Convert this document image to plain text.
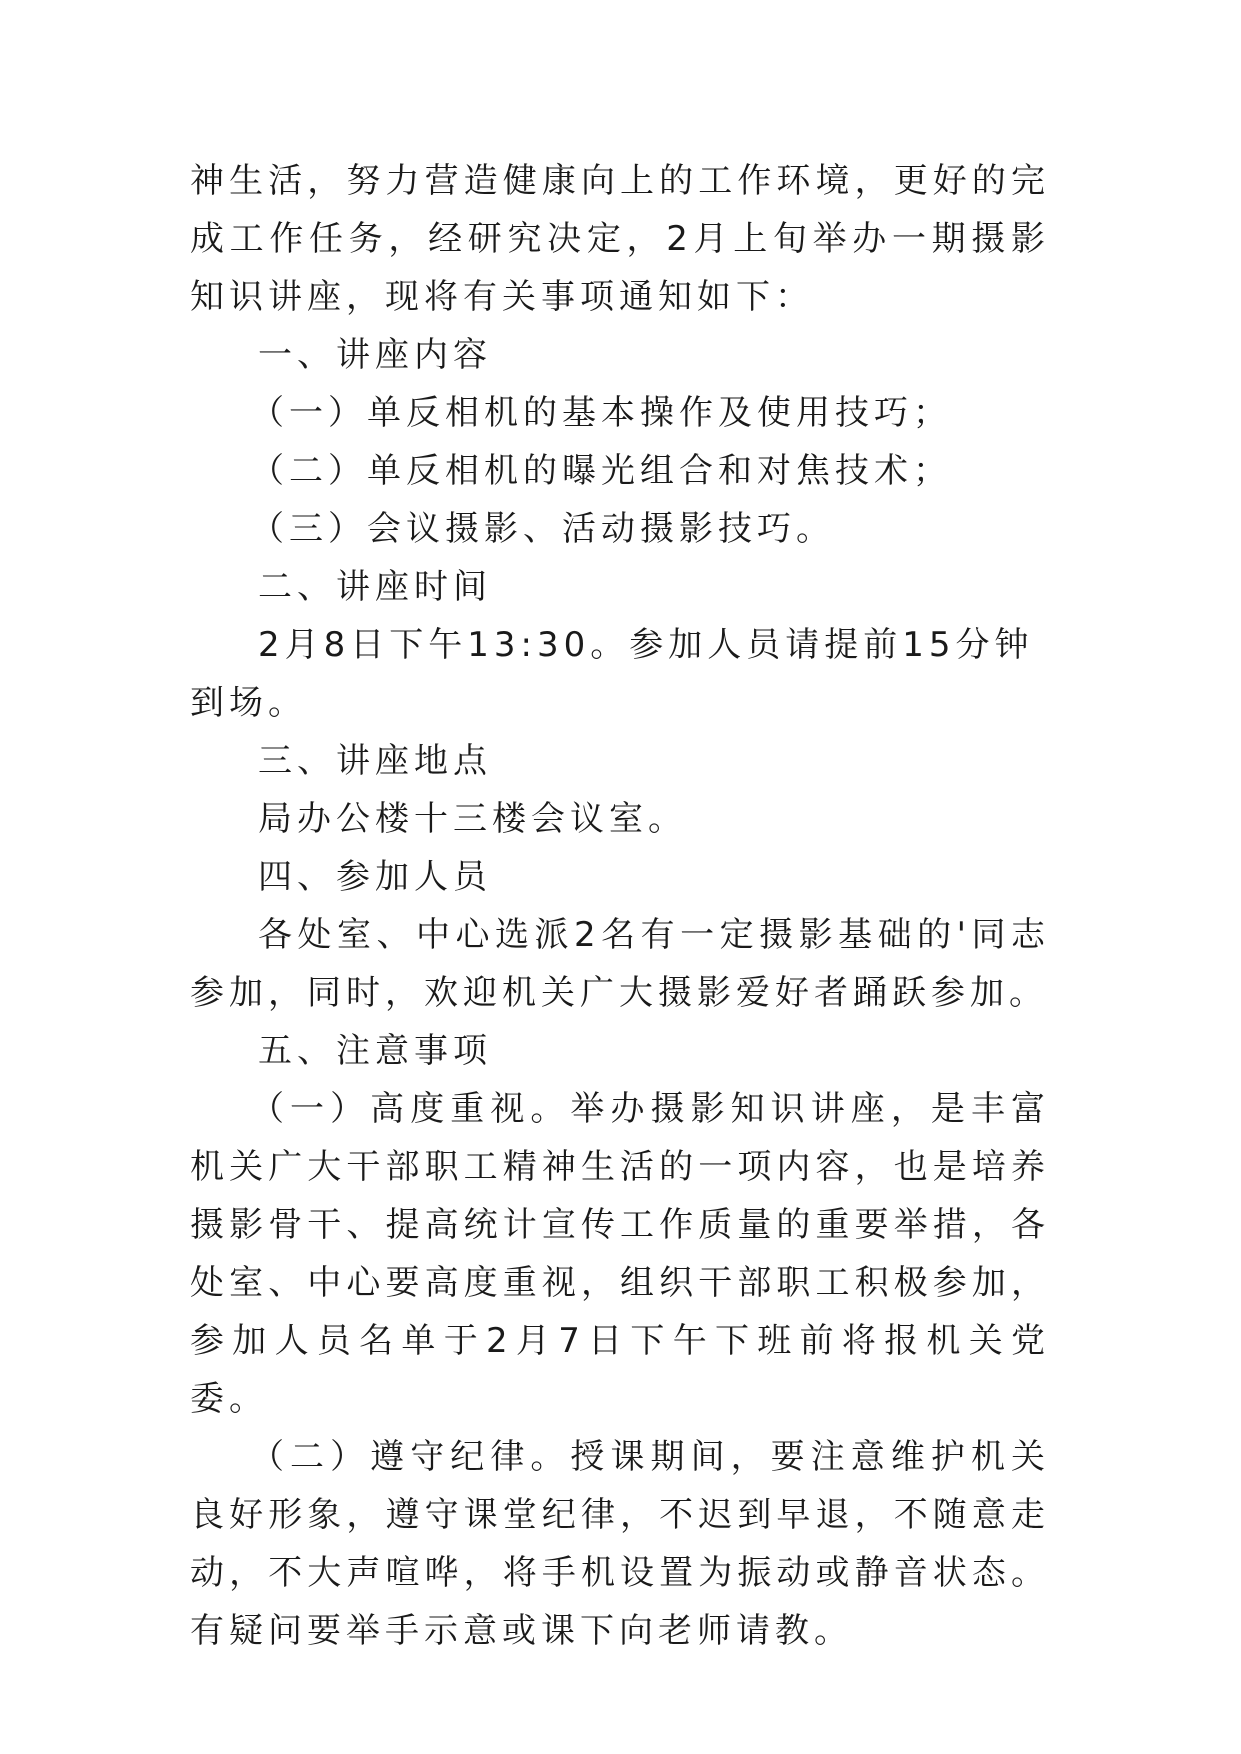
神生活，努力营造健康向上的工作环境，更好的完成工作任务，经研究决定，2月上旬举办一期摄影知识讲座，现将有关事项通知如下：

一、讲座内容

（一）单反相机的基本操作及使用技巧；

（二）单反相机的曝光组合和对焦技术；

（三）会议摄影、活动摄影技巧。

二、讲座时间

2月8日下午13:30。参加人员请提前15分钟到场。

三、讲座地点

局办公楼十三楼会议室。

四、参加人员

各处室、中心选派2名有一定摄影基础的'同志参加，同时，欢迎机关广大摄影爱好者踊跃参加。

五、注意事项

（一）高度重视。举办摄影知识讲座，是丰富机关广大干部职工精神生活的一项内容，也是培养摄影骨干、提高统计宣传工作质量的重要举措，各处室、中心要高度重视，组织干部职工积极参加，参加人员名单于2月7日下午下班前将报机关党委。

（二）遵守纪律。授课期间，要注意维护机关良好形象，遵守课堂纪律，不迟到早退，不随意走动，不大声喧哗，将手机设置为振动或静音状态。有疑问要举手示意或课下向老师请教。
